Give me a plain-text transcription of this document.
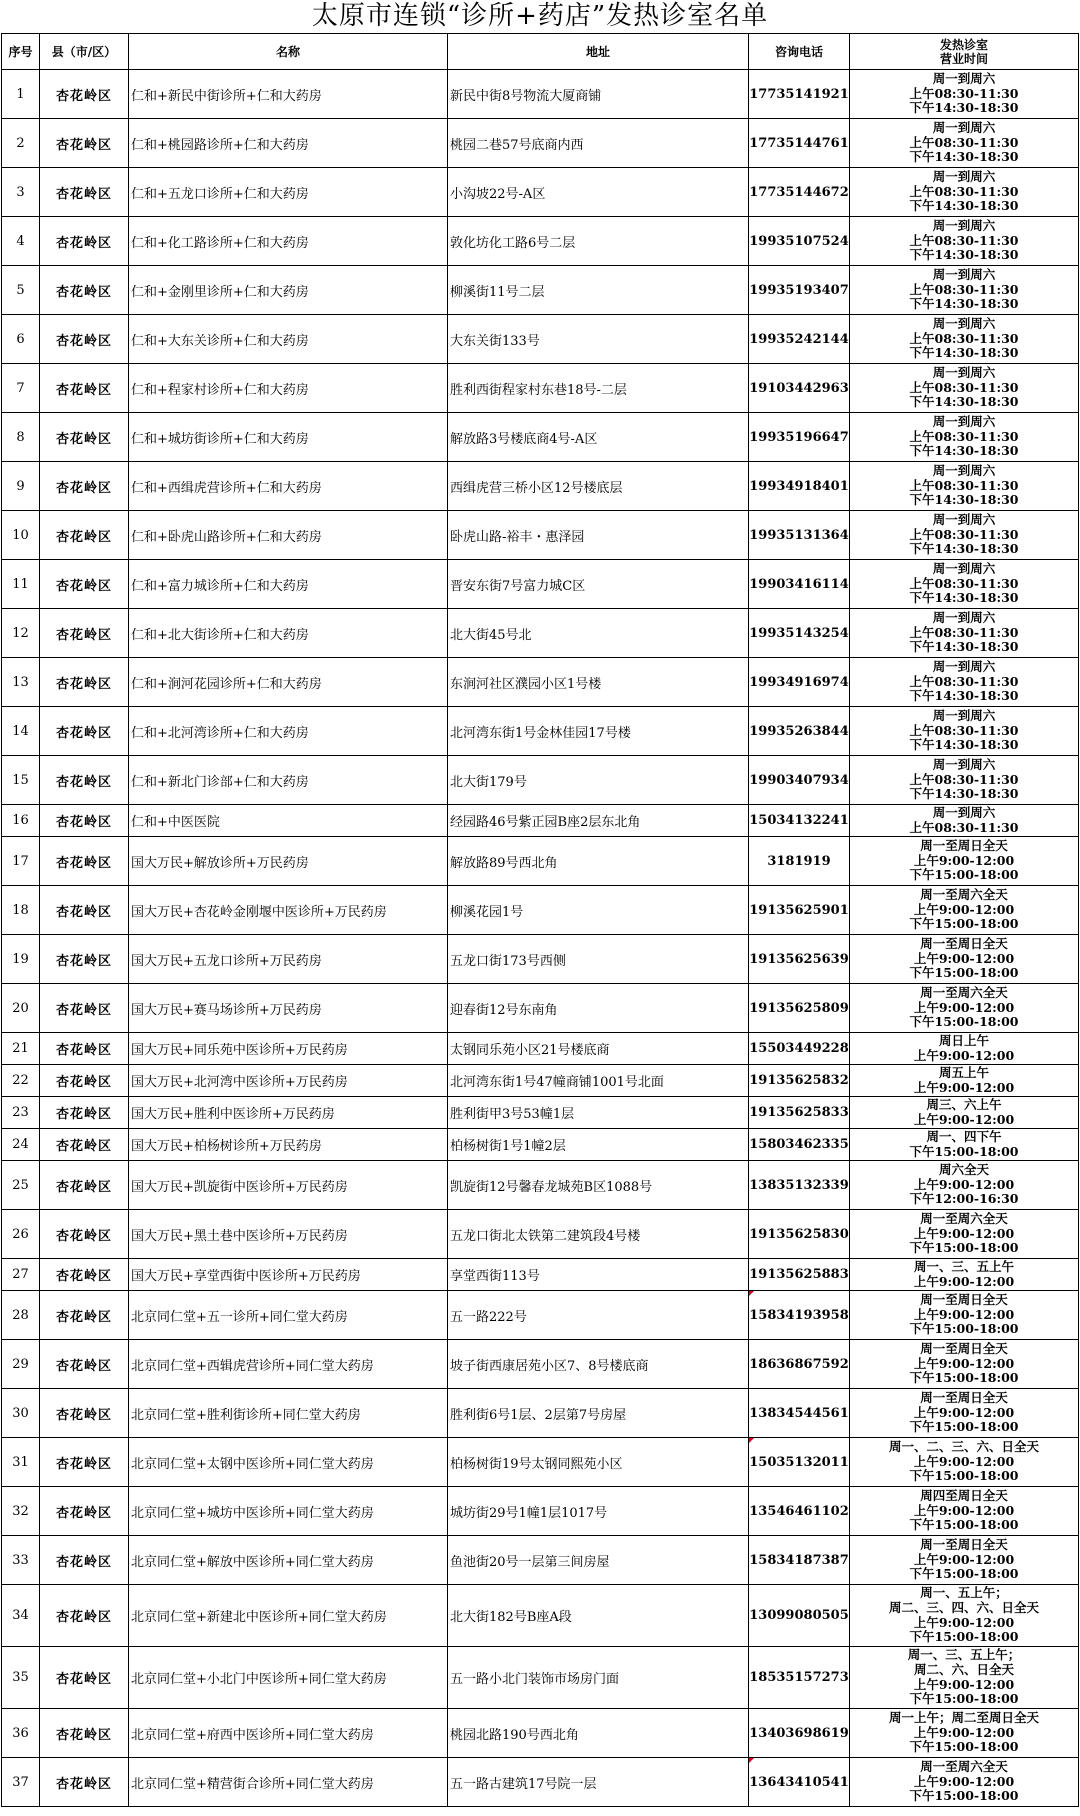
太原市连锁“诊所+药店”发热诊室名单
序号	县（市/区）	名称	地址	咨询电话	发热诊室
营业时间

1	杏花岭区	仁和+新民中街诊所+仁和大药房	新民中街8号物流大厦商铺	17735141921	周一到周六
上午08:30-11:30
下午14:30-18:30

2	杏花岭区	仁和+桃园路诊所+仁和大药房	桃园二巷57号底商内西	17735144761	周一到周六
上午08:30-11:30
下午14:30-18:30

3	杏花岭区	仁和+五龙口诊所+仁和大药房	小沟坡22号-A区	17735144672	周一到周六
上午08:30-11:30
下午14:30-18:30

4	杏花岭区	仁和+化工路诊所+仁和大药房	敦化坊化工路6号二层	19935107524	周一到周六
上午08:30-11:30
下午14:30-18:30

5	杏花岭区	仁和+金刚里诊所+仁和大药房	柳溪街11号二层	19935193407	周一到周六
上午08:30-11:30
下午14:30-18:30

6	杏花岭区	仁和+大东关诊所+仁和大药房	大东关街133号	19935242144	周一到周六
上午08:30-11:30
下午14:30-18:30

7	杏花岭区	仁和+程家村诊所+仁和大药房	胜利西街程家村东巷18号-二层	19103442963	周一到周六
上午08:30-11:30
下午14:30-18:30

8	杏花岭区	仁和+城坊街诊所+仁和大药房	解放路3号楼底商4号-A区	19935196647	周一到周六
上午08:30-11:30
下午14:30-18:30

9	杏花岭区	仁和+西缉虎营诊所+仁和大药房	西缉虎营三桥小区12号楼底层	19934918401	周一到周六
上午08:30-11:30
下午14:30-18:30

10	杏花岭区	仁和+卧虎山路诊所+仁和大药房	卧虎山路-裕丰・惠泽园	19935131364	周一到周六
上午08:30-11:30
下午14:30-18:30

11	杏花岭区	仁和+富力城诊所+仁和大药房	晋安东街7号富力城C区	19903416114	周一到周六
上午08:30-11:30
下午14:30-18:30

12	杏花岭区	仁和+北大街诊所+仁和大药房	北大街45号北	19935143254	周一到周六
上午08:30-11:30
下午14:30-18:30

13	杏花岭区	仁和+涧河花园诊所+仁和大药房	东涧河社区濮园小区1号楼	19934916974	周一到周六
上午08:30-11:30
下午14:30-18:30

14	杏花岭区	仁和+北河湾诊所+仁和大药房	北河湾东街1号金林佳园17号楼	19935263844	周一到周六
上午08:30-11:30
下午14:30-18:30

15	杏花岭区	仁和+新北门诊部+仁和大药房	北大街179号	19903407934	周一到周六
上午08:30-11:30
下午14:30-18:30

16	杏花岭区	仁和+中医医院	经园路46号紫正园B座2层东北角	15034132241	周一到周六
上午08:30-11:30

17	杏花岭区	国大万民+解放诊所+万民药房	解放路89号西北角	3181919	周一至周日全天
上午9:00-12:00
下午15:00-18:00

18	杏花岭区	国大万民+杏花岭金刚堰中医诊所+万民药房	柳溪花园1号	19135625901	周一至周六全天
上午9:00-12:00
下午15:00-18:00

19	杏花岭区	国大万民+五龙口诊所+万民药房	五龙口街173号西侧	19135625639	周一至周日全天
上午9:00-12:00
下午15:00-18:00

20	杏花岭区	国大万民+赛马场诊所+万民药房	迎春街12号东南角	19135625809	周一至周六全天
上午9:00-12:00
下午15:00-18:00

21	杏花岭区	国大万民+同乐苑中医诊所+万民药房	太钢同乐苑小区21号楼底商	15503449228	周日上午
上午9:00-12:00

22	杏花岭区	国大万民+北河湾中医诊所+万民药房	北河湾东街1号47幢商铺1001号北面	19135625832	周五上午
上午9:00-12:00

23	杏花岭区	国大万民+胜利中医诊所+万民药房	胜利街甲3号53幢1层	19135625833	周三、六上午
上午9:00-12:00

24	杏花岭区	国大万民+柏杨树诊所+万民药房	柏杨树街1号1幢2层	15803462335	周一、四下午
下午15:00-18:00

25	杏花岭区	国大万民+凯旋街中医诊所+万民药房	凯旋街12号馨春龙城苑B区1088号	13835132339	周六全天
上午9:00-12:00
下午12:00-16:30

26	杏花岭区	国大万民+黑土巷中医诊所+万民药房	五龙口街北太铁第二建筑段4号楼	19135625830	周一至周六全天
上午9:00-12:00
下午15:00-18:00

27	杏花岭区	国大万民+享堂西街中医诊所+万民药房	享堂西街113号	19135625883	周一、三、五上午
上午9:00-12:00

28	杏花岭区	北京同仁堂+五一诊所+同仁堂大药房	五一路222号	15834193958	周一至周日全天
上午9:00-12:00
下午15:00-18:00

29	杏花岭区	北京同仁堂+西辑虎营诊所+同仁堂大药房	坡子街西康居苑小区7、8号楼底商	18636867592	周一至周日全天
上午9:00-12:00
下午15:00-18:00

30	杏花岭区	北京同仁堂+胜利街诊所+同仁堂大药房	胜利街6号1层、2层第7号房屋	13834544561	周一至周日全天
上午9:00-12:00
下午15:00-18:00

31	杏花岭区	北京同仁堂+太钢中医诊所+同仁堂大药房	柏杨树街19号太钢同熙苑小区	15035132011	周一、二、三、六、日全天
上午9:00-12:00
下午15:00-18:00

32	杏花岭区	北京同仁堂+城坊中医诊所+同仁堂大药房	城坊街29号1幢1层1017号	13546461102	周四至周日全天
上午9:00-12:00
下午15:00-18:00

33	杏花岭区	北京同仁堂+解放中医诊所+同仁堂大药房	鱼池街20号一层第三间房屋	15834187387	周一至周日全天
上午9:00-12:00
下午15:00-18:00

34	杏花岭区	北京同仁堂+新建北中医诊所+同仁堂大药房	北大街182号B座A段	13099080505	周一、五上午；
周二、三、四、六、日全天
上午9:00-12:00
下午15:00-18:00

35	杏花岭区	北京同仁堂+小北门中医诊所+同仁堂大药房	五一路小北门装饰市场房门面	18535157273	周一、三、五上午；
周二、六、日全天
上午9:00-12:00
下午15:00-18:00

36	杏花岭区	北京同仁堂+府西中医诊所+同仁堂大药房	桃园北路190号西北角	13403698619	周一上午；周二至周日全天
上午9:00-12:00
下午15:00-18:00

37	杏花岭区	北京同仁堂+精营街合诊所+同仁堂大药房	五一路古建筑17号院一层	13643410541	周一至周六全天
上午9:00-12:00
下午15:00-18:00
